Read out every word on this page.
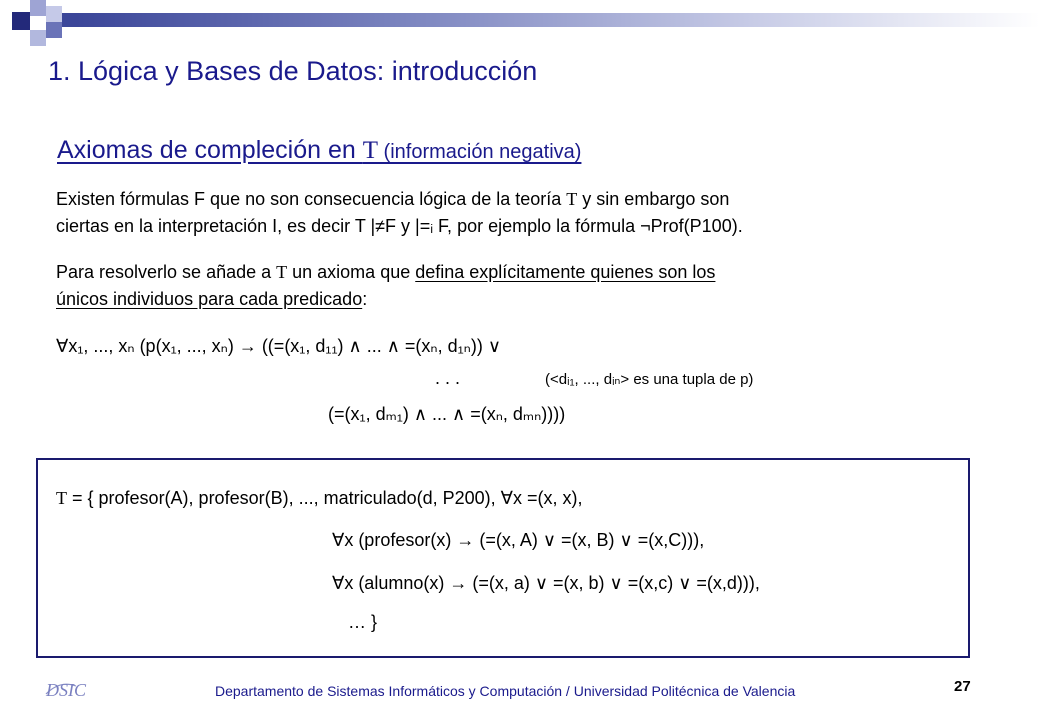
1. Lógica y Bases de Datos: introducción
Axiomas de compleción en T (información negativa)

Existen fórmulas F que no son consecuencia lógica de la teoría T y sin embargo son
ciertas en la interpretación I, es decir T |≠F y |=ᵢ F, por ejemplo la fórmula ¬Prof(P100).

Para resolverlo se añade a T un axioma que defina explícitamente quienes son los
únicos individuos para cada predicado:

∀x₁, ..., xₙ (p(x₁, ..., xₙ) → ((=(x₁, d₁₁) ∧ ... ∧ =(xₙ, d₁ₙ)) ∨
. . .	(<dᵢ₁, ..., dᵢₙ> es una tupla de p)
(=(x₁, dₘ₁) ∧ ... ∧ =(xₙ, dₘₙ))))
T = { profesor(A), profesor(B), ..., matriculado(d, P200), ∀x =(x, x),
∀x (profesor(x) → (=(x, A) ∨ =(x, B) ∨ =(x,C))),
∀x (alumno(x) → (=(x, a) ∨ =(x, b) ∨ =(x,c) ∨ =(x,d))),
… }
DSIC	Departamento de Sistemas Informáticos y Computación / Universidad Politécnica de Valencia	27
